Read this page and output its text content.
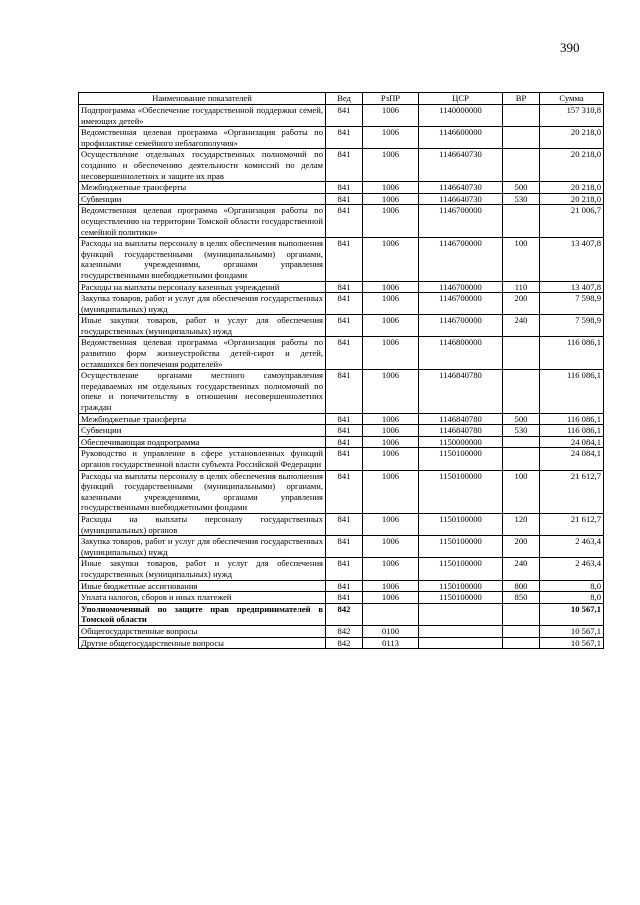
390
Наименование показателей	Вед	РзПР	ЦСР	ВР	Сумма
Подпрограмма «Обеспечение государственной поддержки семей, имеющих детей»	841	1006	1140000000		157 310,8
Ведомственная целевая программа «Организация работы по профилактике семейного неблагополучия»	841	1006	1146600000		20 218,0
Осуществление отдельных государственных полномочий по созданию и обеспечению деятельности комиссий по делам несовершеннолетних и защите их прав	841	1006	1146640730		20 218,0
Межбюджетные трансферты	841	1006	1146640730	500	20 218,0
Субвенции	841	1006	1146640730	530	20 218,0
Ведомственная целевая программа «Организация работы по осуществлению на территории Томской области государственной семейной политики»	841	1006	1146700000		21 006,7
Расходы на выплаты персоналу в целях обеспечения выполнения функций государственными (муниципальными) органами, казенными учреждениями, органами управления государственными внебюджетными фондами	841	1006	1146700000	100	13 407,8
Расходы на выплаты персоналу казенных учреждений	841	1006	1146700000	110	13 407,8
Закупка товаров, работ и услуг для обеспечения государственных (муниципальных) нужд	841	1006	1146700000	200	7 598,9
Иные закупки товаров, работ и услуг для обеспечения государственных (муниципальных) нужд	841	1006	1146700000	240	7 598,9
Ведомственная целевая программа «Организация работы по развитию форм жизнеустройства детей-сирот и детей, оставшихся без попечения родителей»	841	1006	1146800000		116 086,1
Осуществление органами местного самоуправления передаваемых им отдельных государственных полномочий по опеке и попечительству в отношении несовершеннолетних граждан	841	1006	1146840780		116 086,1
Межбюджетные трансферты	841	1006	1146840780	500	116 086,1
Субвенции	841	1006	1146840780	530	116 086,1
Обеспечивающая подпрограмма	841	1006	1150000000		24 084,1
Руководство и управление в сфере установленных функций органов государственной власти субъекта Российской Федерации	841	1006	1150100000		24 084,1
Расходы на выплаты персоналу в целях обеспечения выполнения функций государственными (муниципальными) органами, казенными учреждениями, органами управления государственными внебюджетными фондами	841	1006	1150100000	100	21 612,7
Расходы на выплаты персоналу государственных (муниципальных) органов	841	1006	1150100000	120	21 612,7
Закупка товаров, работ и услуг для обеспечения государственных (муниципальных) нужд	841	1006	1150100000	200	2 463,4
Иные закупки товаров, работ и услуг для обеспечения государственных (муниципальных) нужд	841	1006	1150100000	240	2 463,4
Иные бюджетные ассигнования	841	1006	1150100000	800	8,0
Уплата налогов, сборов и иных платежей	841	1006	1150100000	850	8,0
Уполномоченный по защите прав предпринимателей в Томской области	842				10 567,1
Общегосударственные вопросы	842	0100			10 567,1
Другие общегосударственные вопросы	842	0113			10 567,1
